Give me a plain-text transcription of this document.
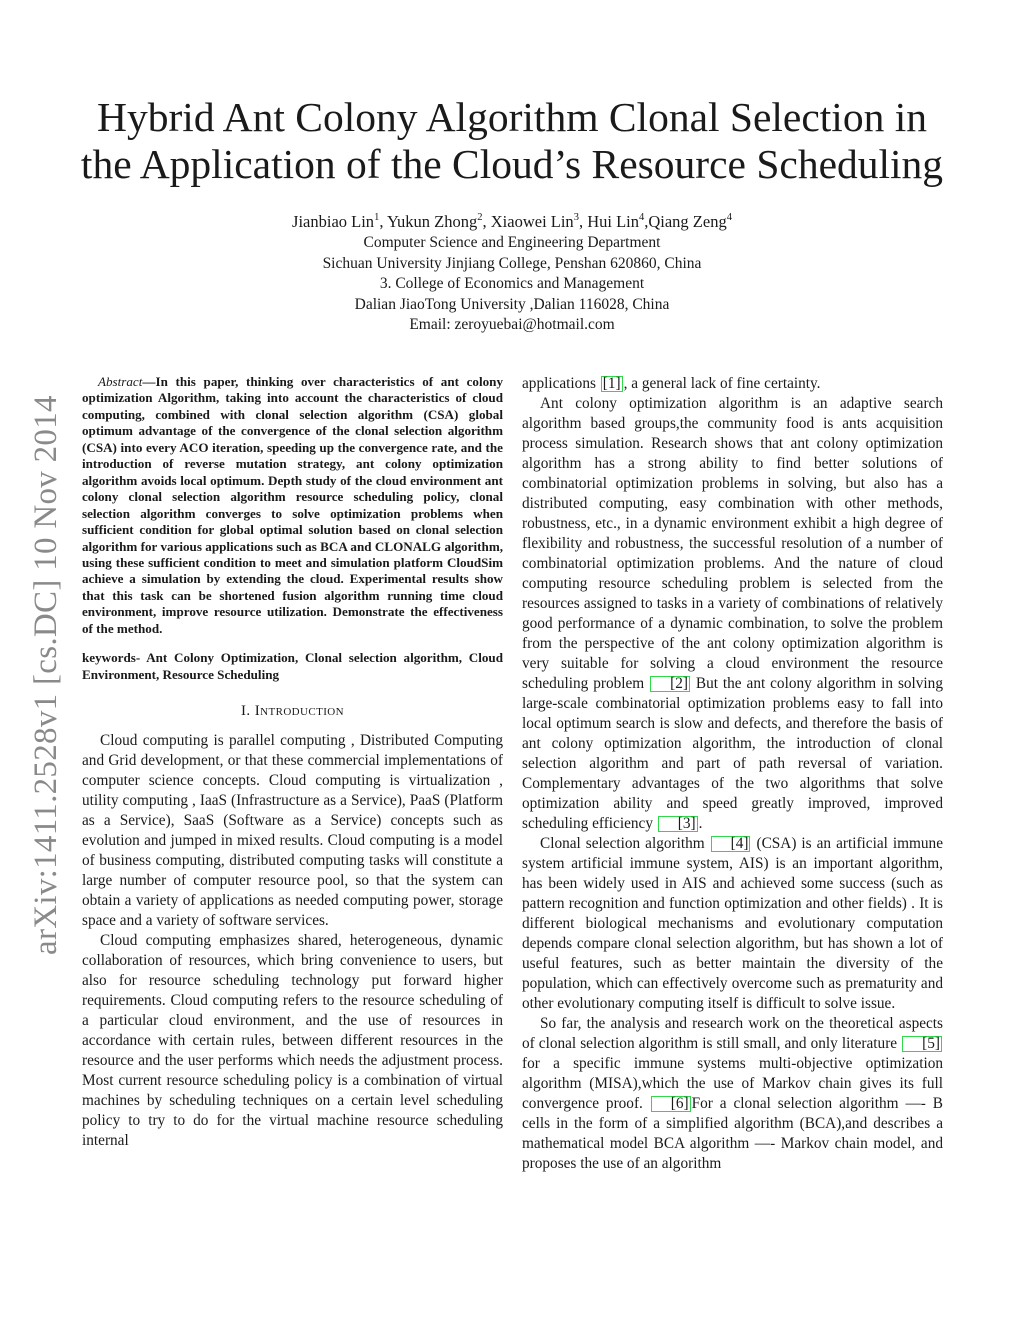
arXiv:1411.2528v1 [cs.DC] 10 Nov 2014
Hybrid Ant Colony Algorithm Clonal Selection in
the Application of the Cloud’s Resource Scheduling
Jianbiao Lin$^1$, Yukun Zhong$^2$, Xiaowei Lin$^3$, Hui Lin$^4$,Qiang Zeng$^4$
Computer Science and Engineering Department
Sichuan University Jinjiang College, Penshan 620860, China
3. College of Economics and Management
Dalian JiaoTong University ,Dalian 116028, China
Email: zeroyuebai@hotmail.com

Abstract—In this paper, thinking over characteristics of ant colony optimization Algorithm, taking into account the characteristics of cloud computing, combined with clonal selection algorithm (CSA) global optimum advantage of the convergence of the clonal selection algorithm (CSA) into every ACO iteration, speeding up the convergence rate, and the introduction of reverse mutation strategy, ant colony optimization algorithm avoids local optimum. Depth study of the cloud environment ant colony clonal selection algorithm resource scheduling policy, clonal selection algorithm converges to solve optimization problems when sufficient condition for global optimal solution based on clonal selection algorithm for various applications such as BCA and CLONALG algorithm, using these sufficient condition to meet and simulation platform CloudSim achieve a simulation by extending the cloud. Experimental results show that this task can be shortened fusion algorithm running time cloud environment, improve resource utilization. Demonstrate the effectiveness of the method.

keywords- Ant Colony Optimization, Clonal selection algorithm, Cloud Environment, Resource Scheduling

I. Introduction

Cloud computing is parallel computing , Distributed Computing and Grid development, or that these commercial implementations of computer science concepts. Cloud computing is virtualization , utility computing , IaaS (Infrastructure as a Service), PaaS (Platform as a Service), SaaS (Software as a Service) concepts such as evolution and jumped in mixed results. Cloud computing is a model of business computing, distributed computing tasks will constitute a large number of computer resource pool, so that the system can obtain a variety of applications as needed computing power, storage space and a variety of software services.

Cloud computing emphasizes shared, heterogeneous, dynamic collaboration of resources, which bring convenience to users, but also for resource scheduling technology put forward higher requirements. Cloud computing refers to the resource scheduling of a particular cloud environment, and the use of resources in accordance with certain rules, between different resources in the resource and the user performs which needs the adjustment process. Most current resource scheduling policy is a combination of virtual machines by scheduling techniques on a certain level scheduling policy to try to do for the virtual machine resource scheduling internal

applications [1] , a general lack of fine certainty.

Ant colony optimization algorithm is an adaptive search algorithm based groups,the community food is ants acquisition process simulation. Research shows that ant colony optimization algorithm has a strong ability to find better solutions of combinatorial optimization problems in solving, but also has a distributed computing, easy combination with other methods, robustness, etc., in a dynamic environment exhibit a high degree of flexibility and robustness, the successful resolution of a number of combinatorial optimization problems. And the nature of cloud computing resource scheduling problem is selected from the resources assigned to tasks in a variety of combinations of relatively good performance of a dynamic combination, to solve the problem from the perspective of the ant colony optimization algorithm is very suitable for solving a cloud environment the resource scheduling problem [2] But the ant colony algorithm in solving large-scale combinatorial optimization problems easy to fall into local optimum search is slow and defects, and therefore the basis of ant colony optimization algorithm, the introduction of clonal selection algorithm and part of path reversal of variation. Complementary advantages of the two algorithms that solve optimization ability and speed greatly improved, improved scheduling efficiency [3] .

Clonal selection algorithm [4] (CSA) is an artificial immune system artificial immune system, AIS) is an important algorithm, has been widely used in AIS and achieved some success (such as pattern recognition and function optimization and other fields) . It is different biological mechanisms and evolutionary computation depends compare clonal selection algorithm, but has shown a lot of useful features, such as better maintain the diversity of the population, which can effectively overcome such as prematurity and other evolutionary computing itself is difficult to solve issue.

So far, the analysis and research work on the theoretical aspects of clonal selection algorithm is still small, and only literature [5] for a specific immune systems multi-objective optimization algorithm (MISA),which the use of Markov chain gives its full convergence proof. [6] For a clonal selection algorithm —- B cells in the form of a simplified algorithm (BCA),and describes a mathematical model BCA algorithm —- Markov chain model, and proposes the use of an algorithm
